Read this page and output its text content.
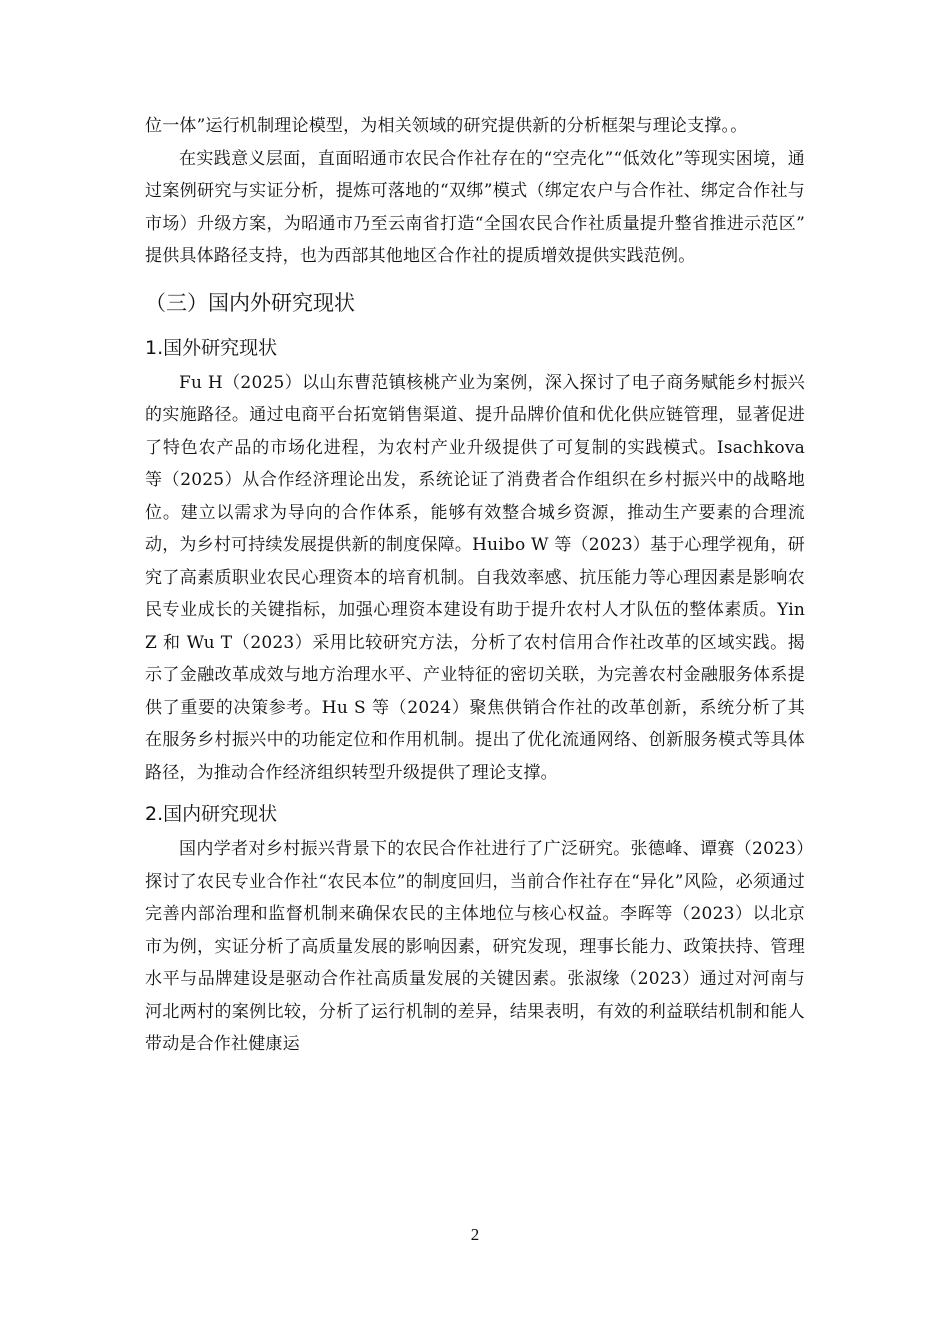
位一体”运行机制理论模型，为相关领域的研究提供新的分析框架与理论支撑。。

在实践意义层面，直面昭通市农民合作社存在的“空壳化”“低效化”等现实困境，通过案例研究与实证分析，提炼可落地的“双绑”模式（绑定农户与合作社、绑定合作社与市场）升级方案，为昭通市乃至云南省打造“全国农民合作社质量提升整省推进示范区”　提供具体路径支持，也为西部其他地区合作社的提质增效提供实践范例。

（三）国内外研究现状
1.国外研究现状

Fu H（2025）以山东曹范镇核桃产业为案例，深入探讨了电子商务赋能乡村振兴的实施路径。通过电商平台拓宽销售渠道、提升品牌价值和优化供应链管理，显著促进了特色农产品的市场化进程，为农村产业升级提供了可复制的实践模式。Isachkova 等（2025）从合作经济理论出发，系统论证了消费者合作组织在乡村振兴中的战略地位。建立以需求为导向的合作体系，能够有效整合城乡资源，推动生产要素的合理流动，为乡村可持续发展提供新的制度保障。Huibo W 等（2023）基于心理学视角，研究了高素质职业农民心理资本的培育机制。自我效率感、抗压能力等心理因素是影响农民专业成长的关键指标，加强心理资本建设有助于提升农村人才队伍的整体素质。Yin Z 和 Wu T（2023）采用比较研究方法，分析了农村信用合作社改革的区域实践。揭示了金融改革成效与地方治理水平、产业特征的密切关联，为完善农村金融服务体系提供了重要的决策参考。Hu S 等（2024）聚焦供销合作社的改革创新，系统分析了其在服务乡村振兴中的功能定位和作用机制。提出了优化流通网络、创新服务模式等具体路径，为推动合作经济组织转型升级提供了理论支撑。

2.国内研究现状

国内学者对乡村振兴背景下的农民合作社进行了广泛研究。张德峰、谭赛（2023）探讨了农民专业合作社“农民本位”的制度回归，当前合作社存在“异化”风险，必须通过完善内部治理和监督机制来确保农民的主体地位与核心权益。李晖等（2023）以北京市为例，实证分析了高质量发展的影响因素，研究发现，理事长能力、政策扶持、管理水平与品牌建设是驱动合作社高质量发展的关键因素。张淑缘（2023）通过对河南与河北两村的案例比较，分析了运行机制的差异，结果表明，有效的利益联结机制和能人带动是合作社健康运

2
